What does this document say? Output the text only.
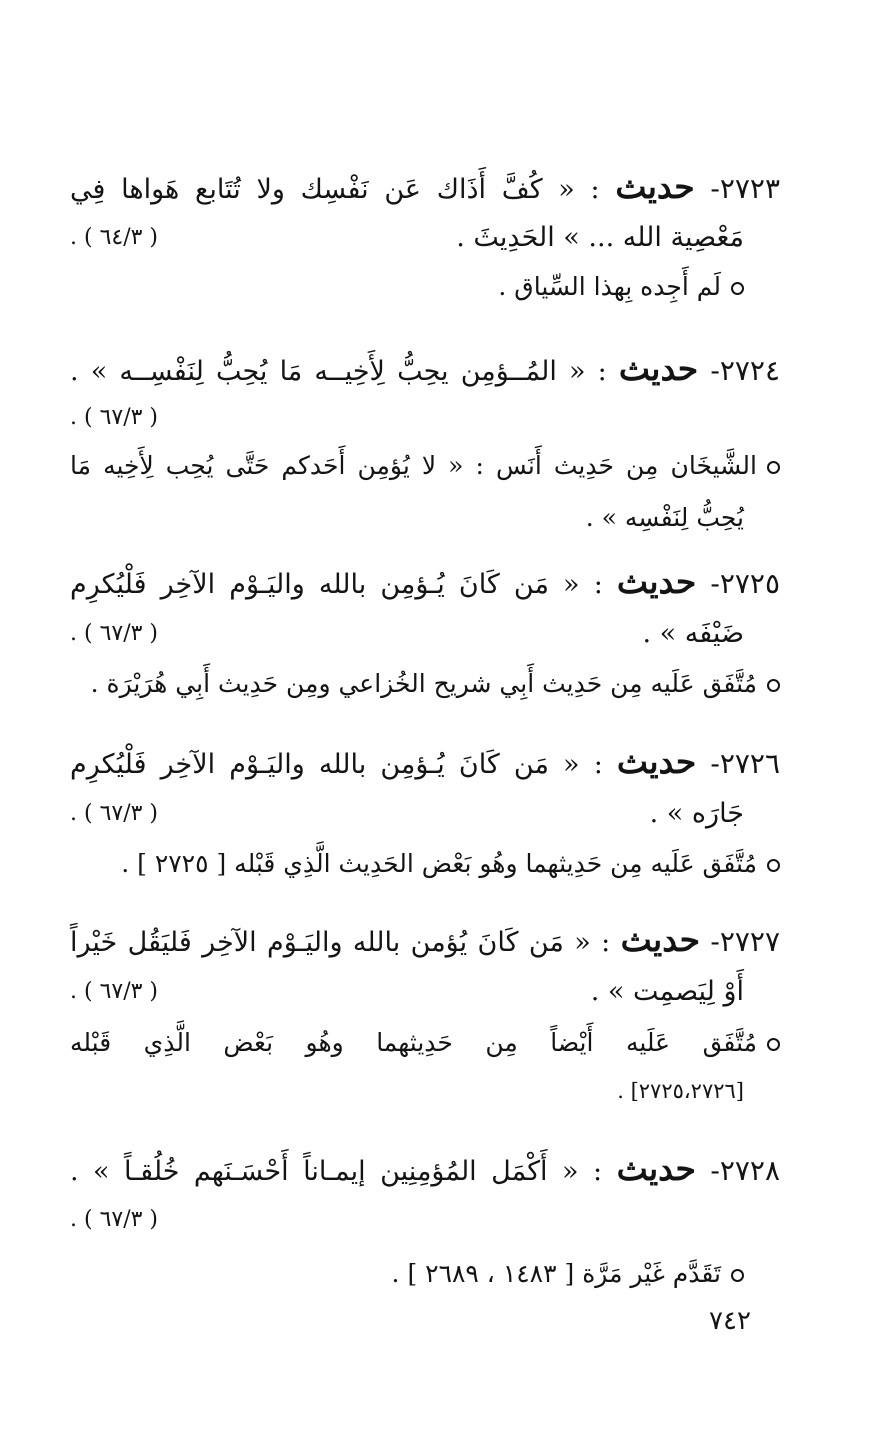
٢٧٢٣- حديث : « كُفَّ أَذَاك عَن نَفْسِك ولا تُتَابع هَواها فِي
مَعْصِية الله ... » الحَدِيثَ .
( ٦٤/٣ ) .
لَم أَجِده بِهذا السِّياق .
٢٧٢٤- حديث : « المُــؤمِن يحِبُّ لِأَخِيــه مَا يُحِبُّ لِنَفْسِــه » .
( ٦٧/٣ ) .
الشَّيخَان مِن حَدِيث أَنَس : « لا يُؤمِن أَحَدكم حَتَّى يُحِب لِأَخِيه مَا
يُحِبُّ لِنَفْسِه » .
٢٧٢٥- حديث : « مَن كَانَ يُـؤمِن بالله واليَـوْم الآخِر فَلْيُكرِم
ضَيْفَه » .
( ٦٧/٣ ) .
مُتَّفَق عَلَيه مِن حَدِيث أَبِي شريح الخُزاعي ومِن حَدِيث أَبِي هُرَيْرَة .
٢٧٢٦- حديث : « مَن كَانَ يُـؤمِن بالله واليَـوْم الآخِر فَلْيُكرِم
جَارَه » .
( ٦٧/٣ ) .
مُتَّفَق عَلَيه مِن حَدِيثهما وهُو بَعْض الحَدِيث الَّذِي قَبْله [ ٢٧٢٥ ] .
٢٧٢٧- حديث : « مَن كَانَ يُؤمن بالله واليَـوْم الآخِر فَليَقُل خَيْراً
أَوْ لِيَصمِت » .
( ٦٧/٣ ) .
مُتَّفَق عَلَيه أَيْضاً مِن حَدِيثهما وهُو بَعْض الَّذِي قَبْله
[٢٧٢٥،٢٧٢٦] .
٢٧٢٨- حديث : « أَكْمَل المُؤمِنِين إيمـاناً أَحْسَـنَهم خُلُقـاً » .
( ٦٧/٣ ) .
تَقَدَّم غَيْر مَرَّة [ ١٤٨٣ ، ٢٦٨٩ ] .
٧٤٢
